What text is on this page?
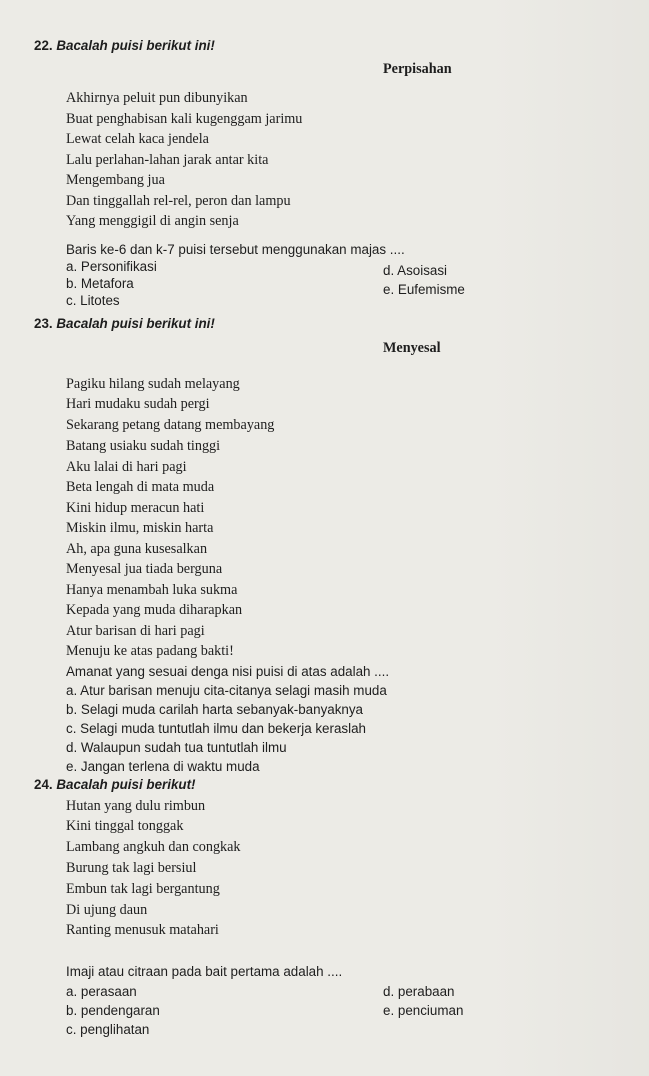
22. Bacalah puisi berikut ini!
Perpisahan
Akhirnya peluit pun dibunyikan
Buat penghabisan kali kugenggam jarimu
Lewat celah kaca jendela
Lalu perlahan-lahan jarak antar kita
Mengembang jua
Dan tinggallah rel-rel, peron dan lampu
Yang menggigil di angin senja
Baris ke-6 dan k-7 puisi tersebut menggunakan majas ....
a. Personifikasi
b. Metafora
c. Litotes
d. Asoisasi
e. Eufemisme
23. Bacalah puisi berikut ini!
Menyesal
Pagiku hilang sudah melayang
Hari mudaku sudah pergi
Sekarang petang datang membayang
Batang usiaku sudah tinggi
Aku lalai di hari pagi
Beta lengah di mata muda
Kini hidup meracun hati
Miskin ilmu, miskin harta
Ah, apa guna kusesalkan
Menyesal jua tiada berguna
Hanya menambah luka sukma
Kepada yang muda diharapkan
Atur barisan di hari pagi
Menuju ke atas padang bakti!
Amanat yang sesuai denga nisi puisi di atas adalah ....
a. Atur barisan menuju cita-citanya selagi masih muda
b. Selagi muda carilah harta sebanyak-banyaknya
c. Selagi muda tuntutlah ilmu dan bekerja keraslah
d. Walaupun sudah tua tuntutlah ilmu
e. Jangan terlena di waktu muda
24. Bacalah puisi berikut!
Hutan yang dulu rimbun
Kini tinggal tonggak
Lambang angkuh dan congkak
Burung tak lagi bersiul
Embun tak lagi bergantung
Di ujung daun
Ranting menusuk matahari
Imaji atau citraan pada bait pertama adalah ....
a. perasaan
b. pendengaran
c. penglihatan
d. perabaan
e. penciuman
